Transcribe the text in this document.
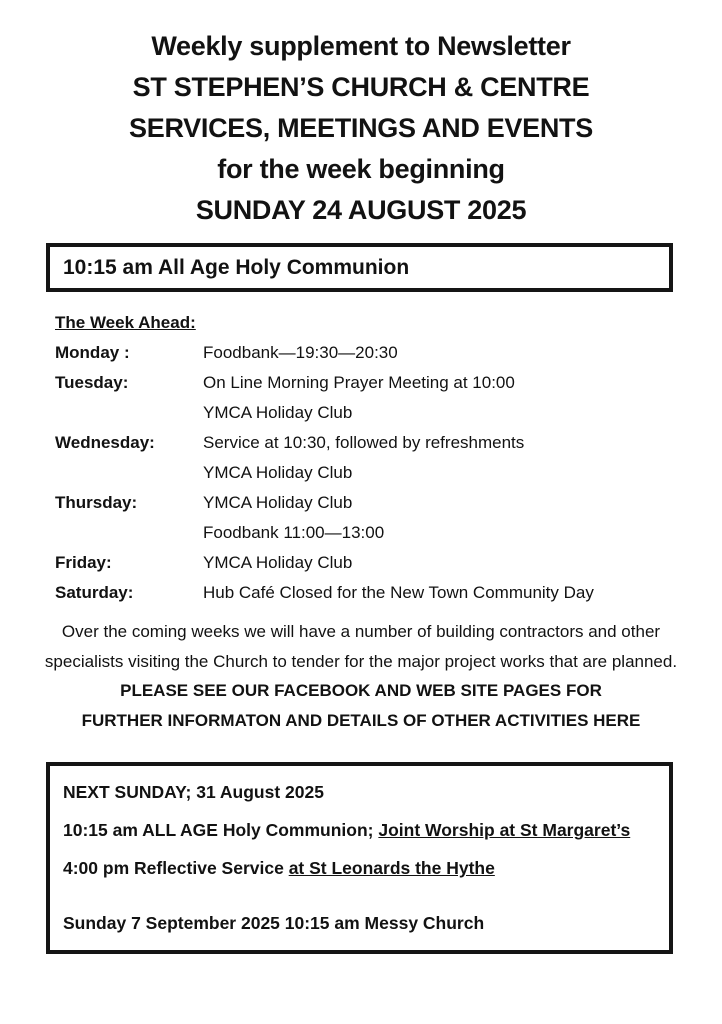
Weekly supplement to Newsletter
ST STEPHEN’S CHURCH & CENTRE
SERVICES, MEETINGS AND EVENTS
for the week beginning
SUNDAY 24 AUGUST 2025
10:15 am All Age Holy Communion
The Week Ahead:
Monday :	Foodbank—19:30—20:30
Tuesday:	On Line Morning Prayer Meeting at 10:00
YMCA Holiday Club
Wednesday:	Service at 10:30, followed by refreshments
YMCA Holiday Club
Thursday:	YMCA Holiday Club
Foodbank 11:00—13:00
Friday:	YMCA Holiday Club
Saturday:	Hub Café Closed for the New Town Community Day
Over the coming weeks we will have a number of building contractors and other specialists visiting the Church to tender for the major project works that are planned.
PLEASE SEE OUR FACEBOOK AND WEB SITE PAGES FOR
FURTHER INFORMATON AND DETAILS OF OTHER ACTIVITIES HERE
NEXT SUNDAY; 31 August 2025
10:15 am ALL AGE Holy Communion; Joint Worship at St Margaret’s
4:00 pm Reflective Service at St Leonards the Hythe
Sunday 7 September 2025 10:15 am Messy Church
